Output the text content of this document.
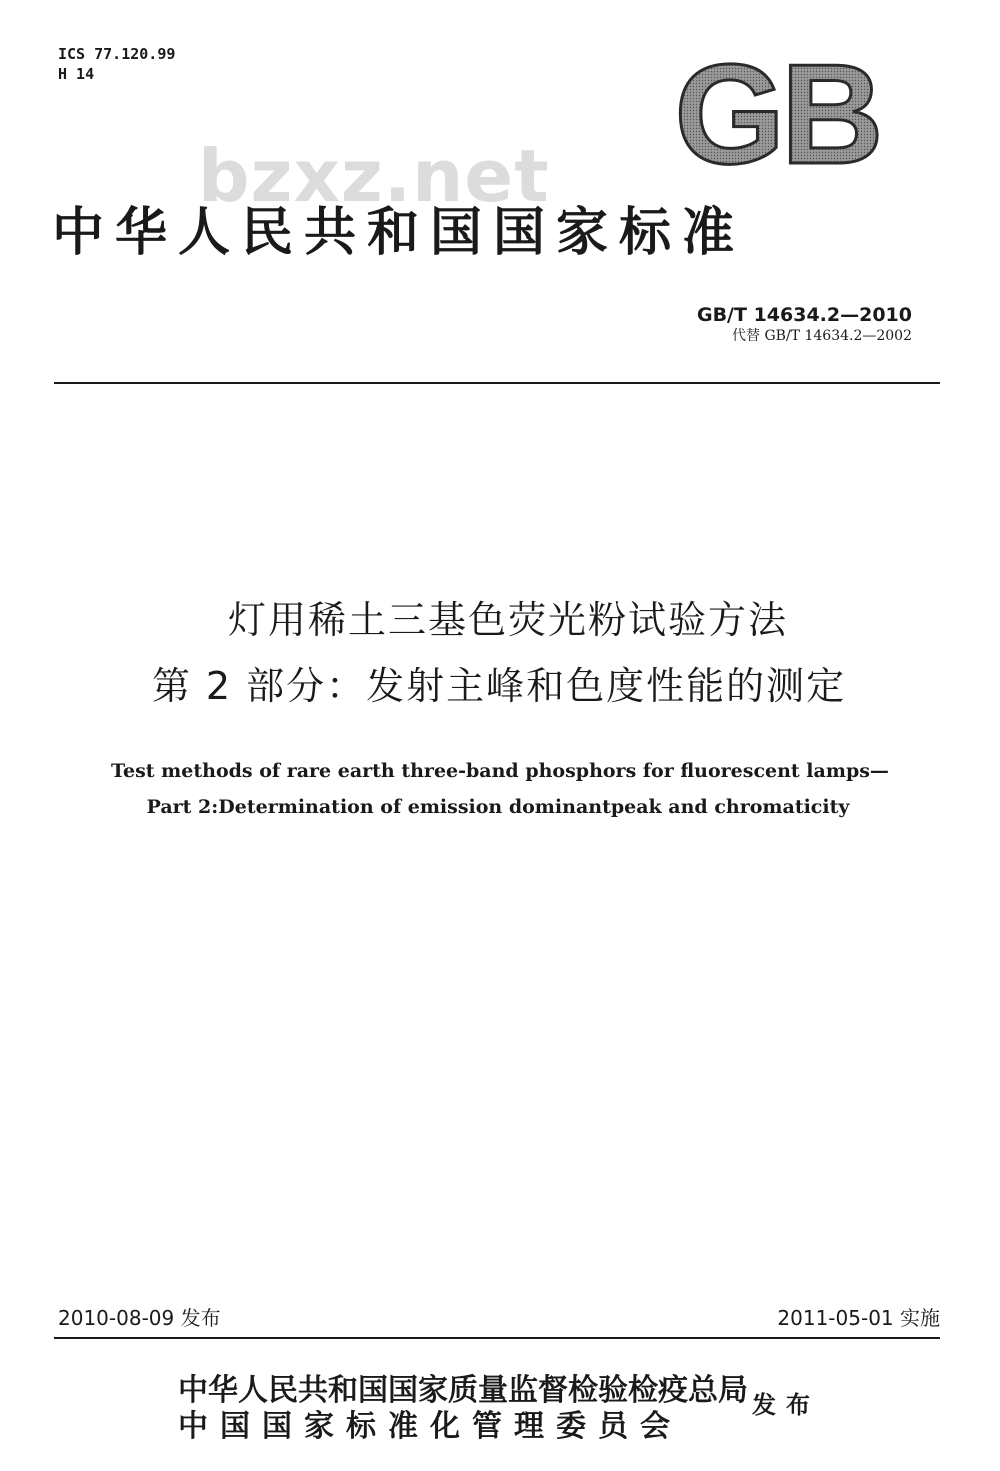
ICS 77.120.99
H 14	GB
bzxz.net
中华人民共和国国家标准
GB/T 14634.2—2010
代替 GB/T 14634.2—2002
灯用稀土三基色荧光粉试验方法
第 2 部分：发射主峰和色度性能的测定
Test methods of rare earth three-band phosphors for fluorescent lamps—
Part 2:Determination of emission dominantpeak and chromaticity
2010-08-09 发布	2011-05-01 实施
中华人民共和国国家质量监督检验检疫总局
中国国家标准化管理委员会
发布
